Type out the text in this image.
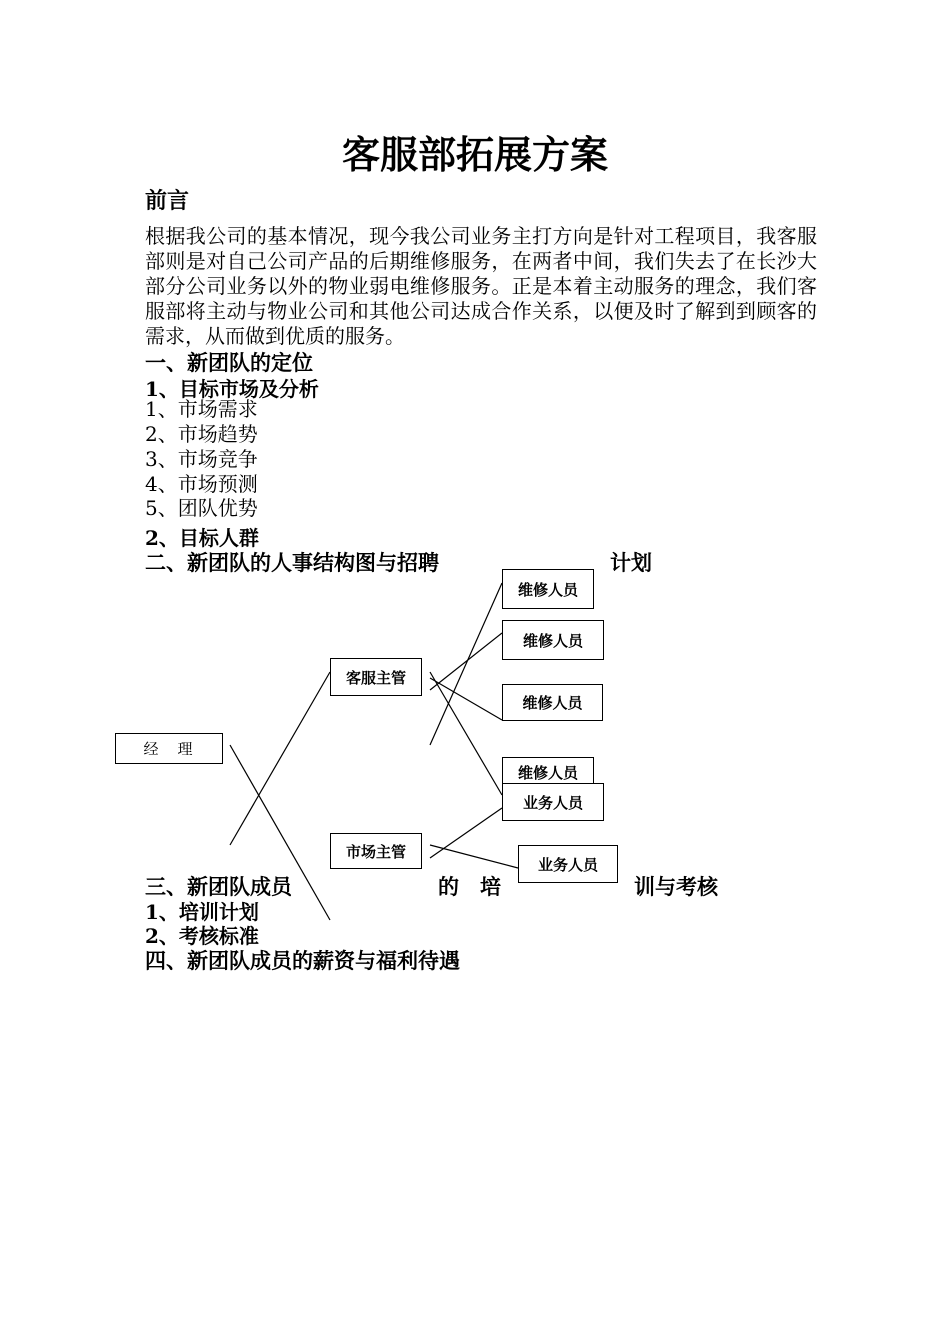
客服部拓展方案
前言

根据我公司的基本情况，现今我公司业务主打方向是针对工程项目，我客服部则是对自己公司产品的后期维修服务，在两者中间，我们失去了在长沙大部分公司业务以外的物业弱电维修服务。正是本着主动服务的理念，我们客服部将主动与物业公司和其他公司达成合作关系，以便及时了解到到顾客的需求，从而做到优质的服务。

一、新团队的定位
1、目标市场及分析
1、市场需求
2、市场趋势
3、市场竞争
4、市场预测
5、团队优势
2、目标人群
二、新团队的人事结构图与招聘	计划
经　理
客服主管
市场主管
维修人员
维修人员
维修人员
维修人员
业务人员
业务人员
三、新团队成员	的　培	训与考核
1、培训计划
2、考核标准
四、新团队成员的薪资与福利待遇
